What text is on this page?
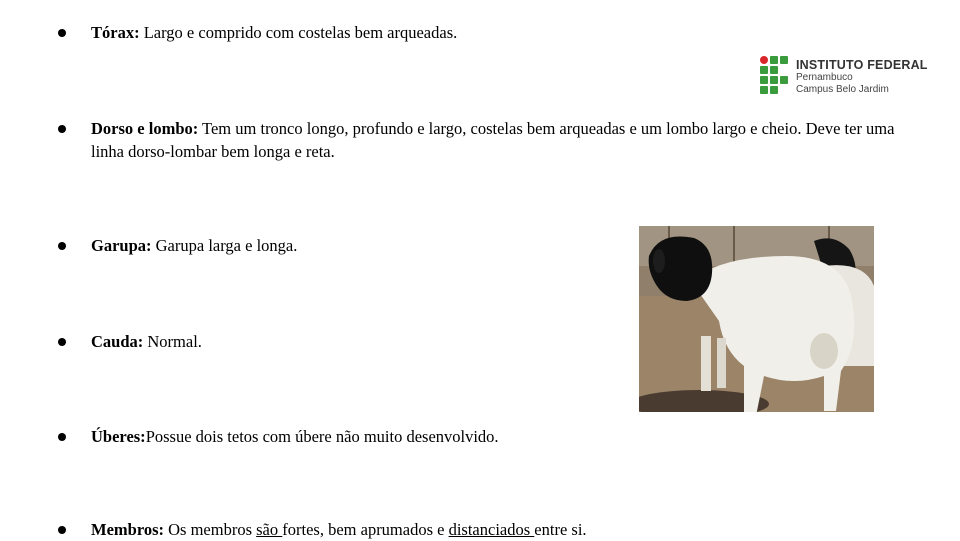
Tórax: Largo e comprido com costelas bem arqueadas.
Dorso e lombo: Tem um tronco longo, profundo e largo, costelas bem arqueadas e um lombo largo e cheio. Deve ter uma linha dorso-lombar bem longa e reta.
Garupa: Garupa larga e longa.
Cauda: Normal.
Úberes:Possue dois tetos com úbere não muito desenvolvido.
Membros: Os membros são fortes, bem aprumados e distanciados entre si.
INSTITUTO FEDERAL
Pernambuco
Campus Belo Jardim
